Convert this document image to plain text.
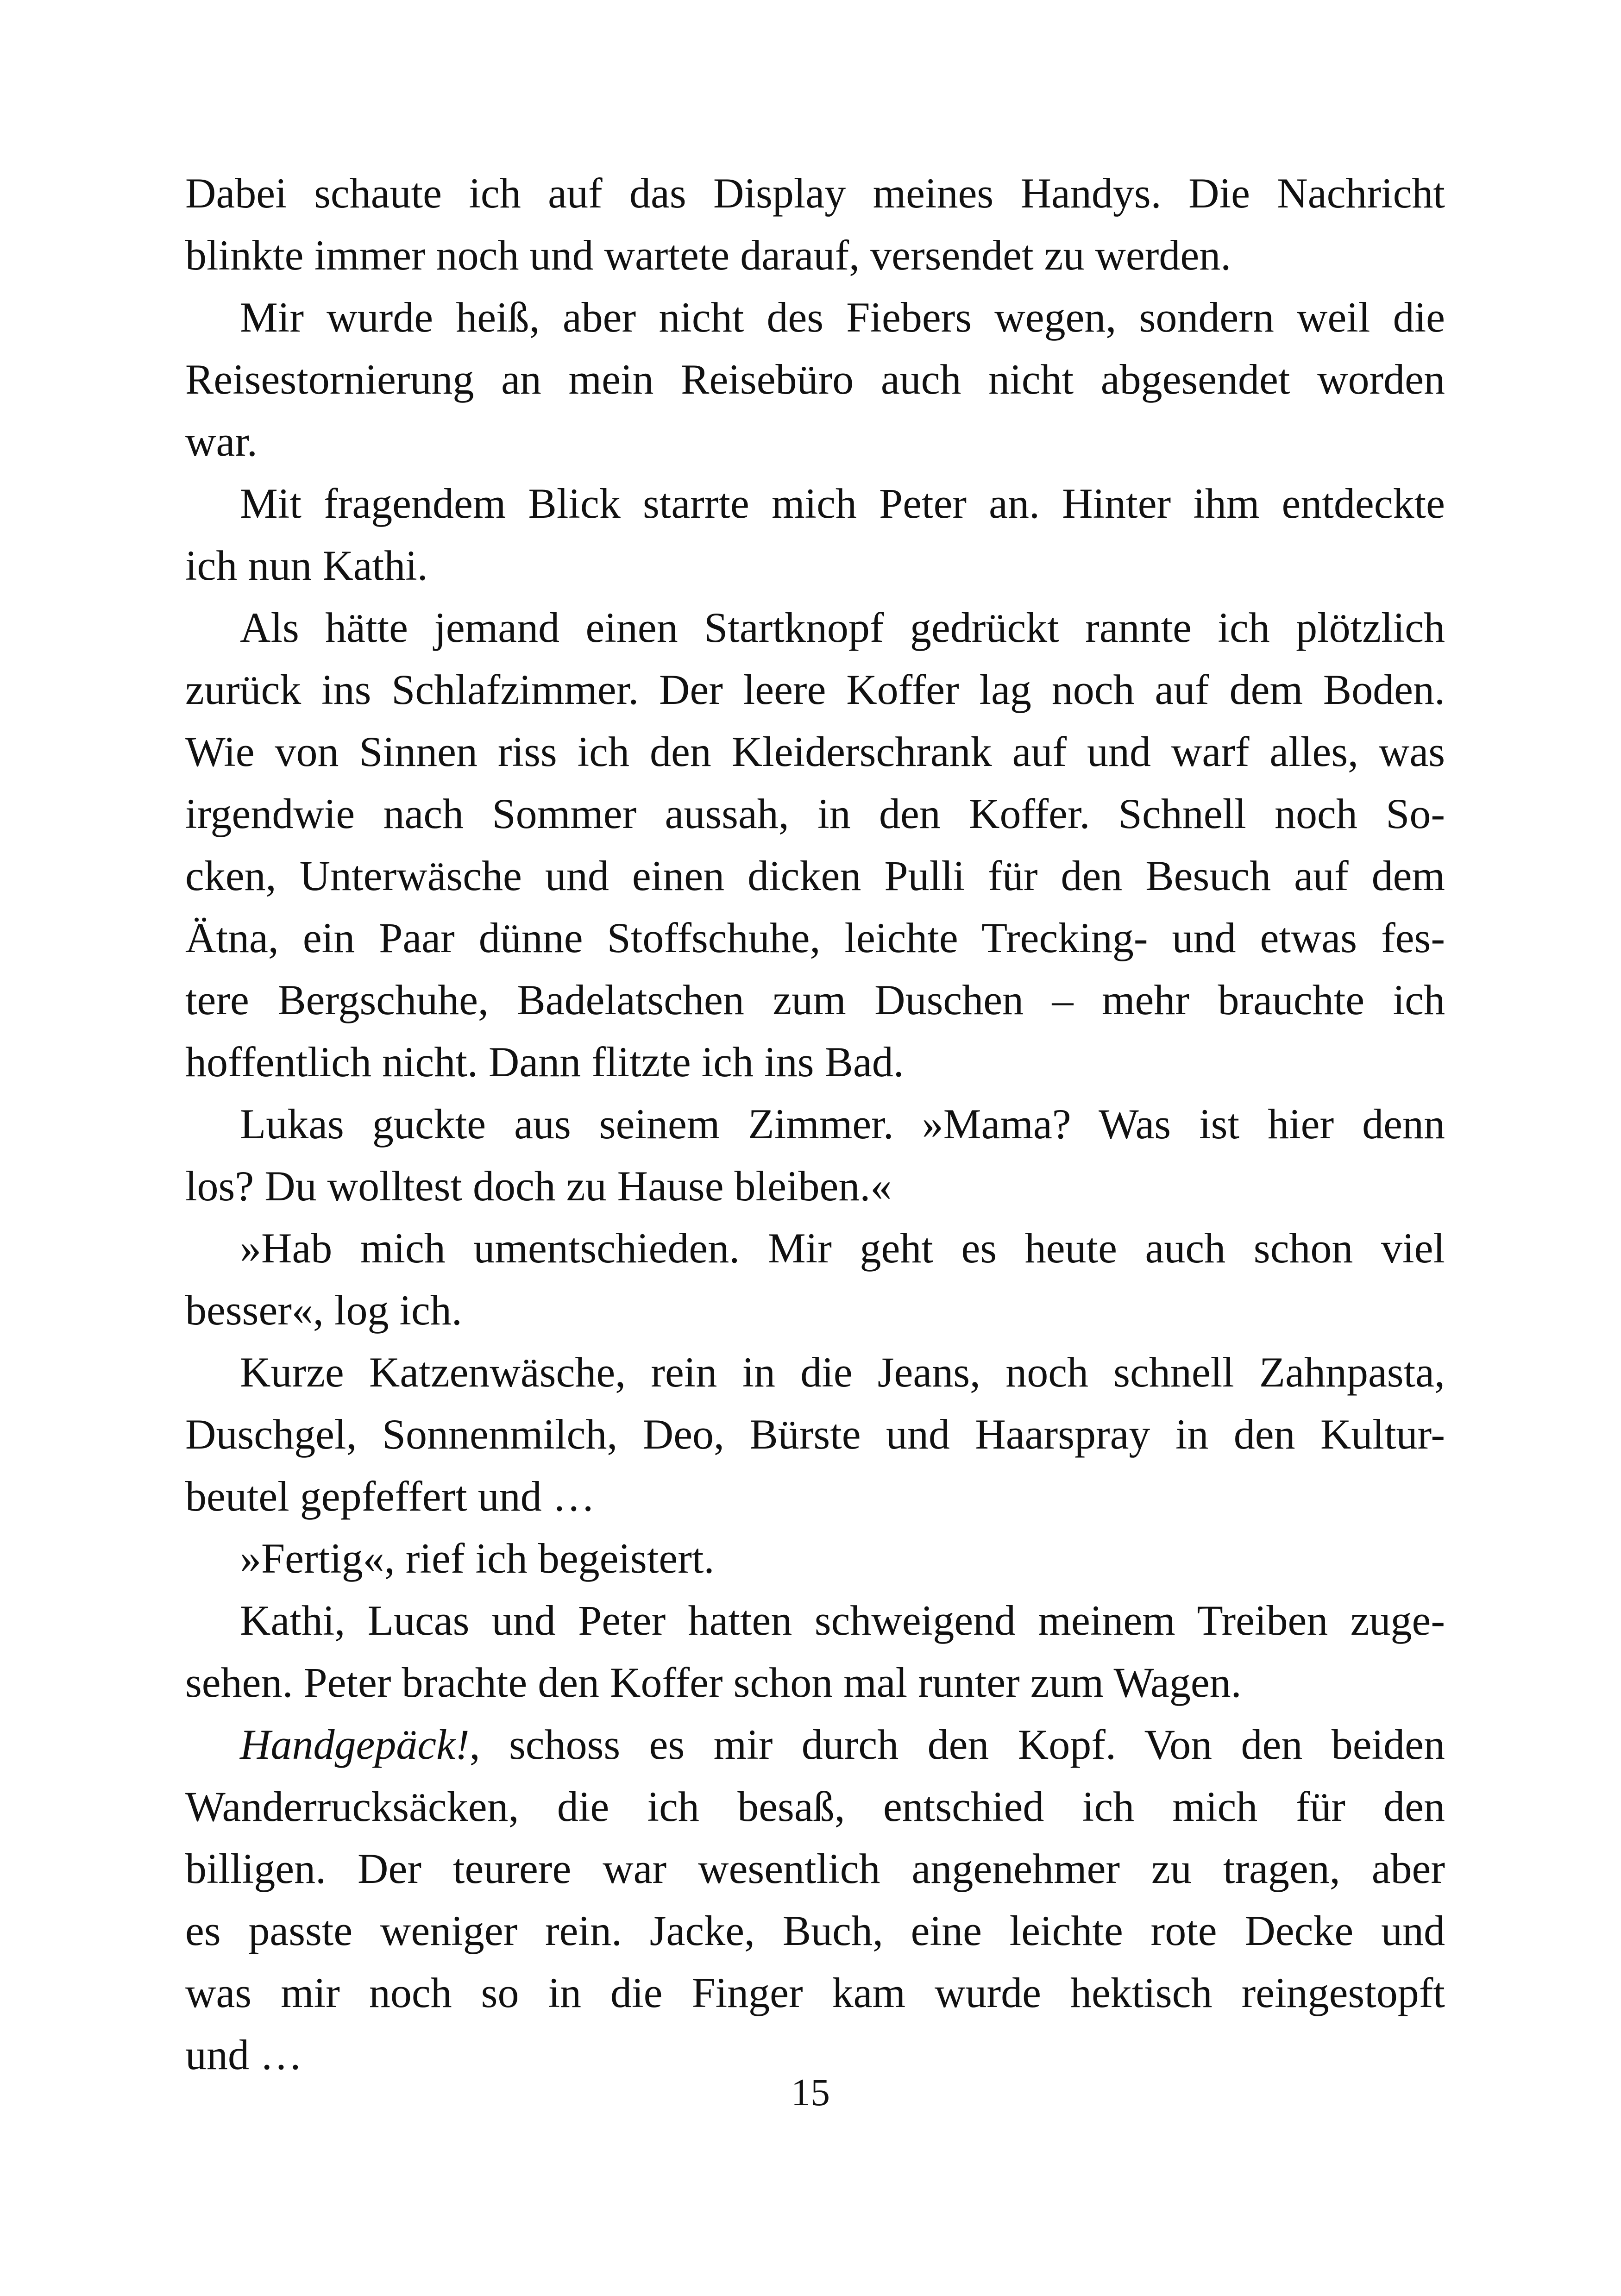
Dabei schaute ich auf das Display meines Handys. Die Nachricht
blinkte immer noch und wartete darauf, versendet zu werden.
Mir wurde heiß, aber nicht des Fiebers wegen, sondern weil die
Reisestornierung an mein Reisebüro auch nicht abgesendet worden
war.
Mit fragendem Blick starrte mich Peter an. Hinter ihm entdeckte
ich nun Kathi.
Als hätte jemand einen Startknopf gedrückt rannte ich plötzlich
zurück ins Schlafzimmer. Der leere Koffer lag noch auf dem Boden.
Wie von Sinnen riss ich den Kleiderschrank auf und warf alles, was
irgendwie nach Sommer aussah, in den Koffer. Schnell noch So-
cken, Unterwäsche und einen dicken Pulli für den Besuch auf dem
Ätna, ein Paar dünne Stoffschuhe, leichte Trecking- und etwas fes-
tere Bergschuhe, Badelatschen zum Duschen – mehr brauchte ich
hoffentlich nicht. Dann flitzte ich ins Bad.
Lukas guckte aus seinem Zimmer. »Mama? Was ist hier denn
los? Du wolltest doch zu Hause bleiben.«
»Hab mich umentschieden. Mir geht es heute auch schon viel
besser«, log ich.
Kurze Katzenwäsche, rein in die Jeans, noch schnell Zahnpasta,
Duschgel, Sonnenmilch, Deo, Bürste und Haarspray in den Kultur-
beutel gepfeffert und …
»Fertig«, rief ich begeistert.
Kathi, Lucas und Peter hatten schweigend meinem Treiben zuge-
sehen. Peter brachte den Koffer schon mal runter zum Wagen.
Handgepäck!, schoss es mir durch den Kopf. Von den beiden
Wanderrucksäcken, die ich besaß, entschied ich mich für den
billigen. Der teurere war wesentlich angenehmer zu tragen, aber
es passte weniger rein. Jacke, Buch, eine leichte rote Decke und
was mir noch so in die Finger kam wurde hektisch reingestopft
und …
15
